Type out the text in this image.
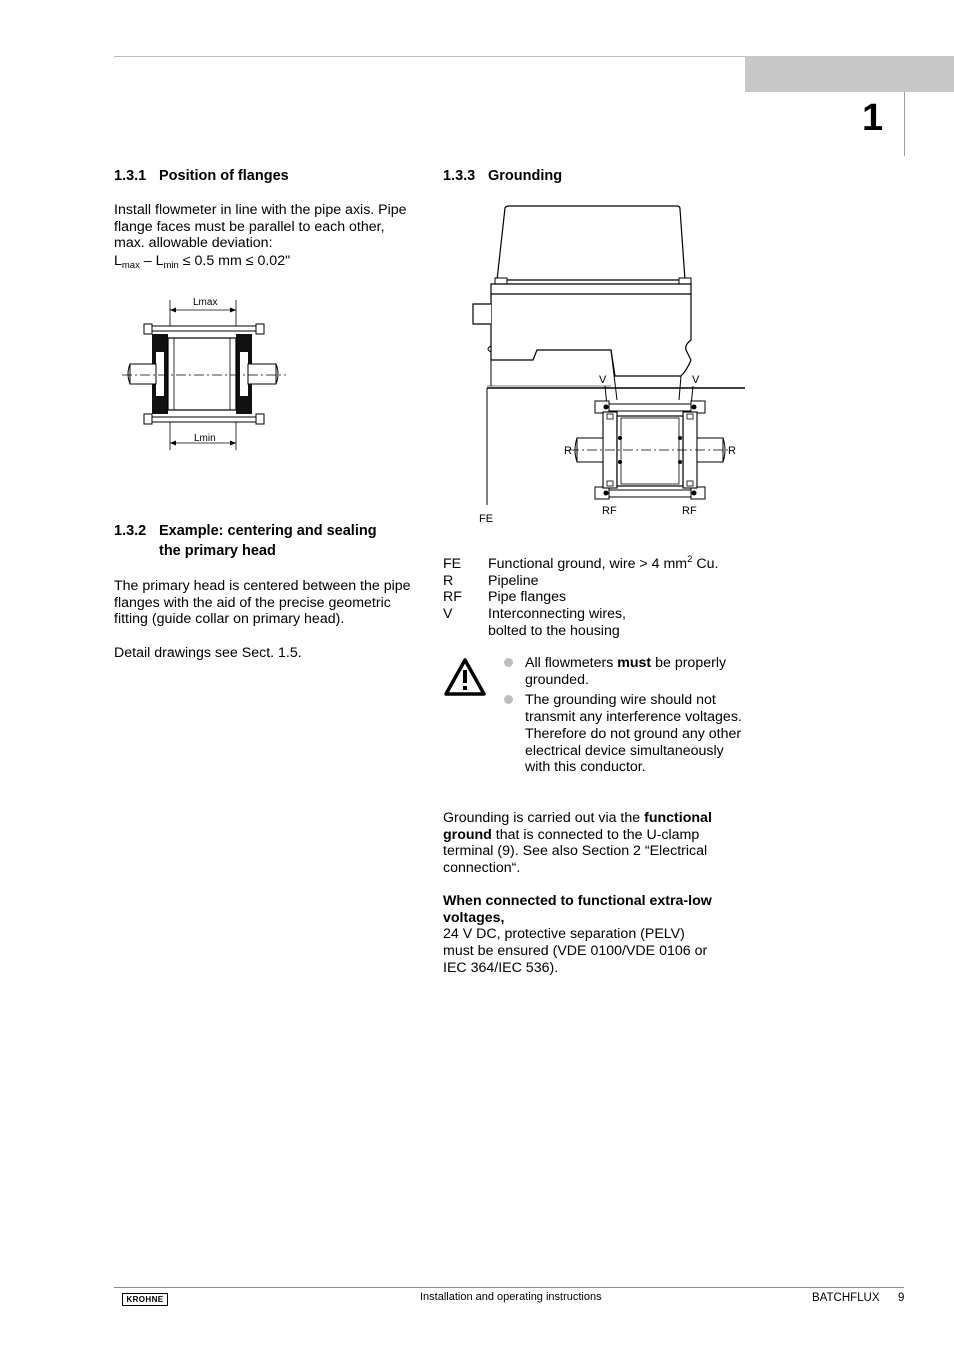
1
1.3.1 Position of flanges

Install flowmeter in line with the pipe axis. Pipe flange faces must be parallel to each other, max. allowable deviation:

$L_{max} - L_{min} \le 0.5$ mm ≤ 0.02"

Lmax
Lmin
1.3.2 Example: centering and sealing
the primary head

The primary head is centered between the pipe flanges with the aid of the precise geometric fitting (guide collar on primary head).

Detail drawings see Sect. 1.5.

1.3.3 Grounding
V	V
R	R
RF	RF
FE
FE	Functional ground, wire > 4 $mm^2$ Cu.
R	Pipeline
RF	Pipe flanges
V	Interconnecting wires,
bolted to the housing
All flowmeters must be properly grounded.
The grounding wire should not transmit any interference voltages. Therefore do not ground any other electrical device simultaneously with this conductor.

Grounding is carried out via the functional ground that is connected to the U-clamp terminal (9). See also Section 2 “Electrical connection“.

When connected to functional extra-low voltages,
24 V DC, protective separation (PELV)
must be ensured (VDE 0100/VDE 0106 or
IEC 364/IEC 536).

KROHNE	Installation and operating instructions	BATCHFLUX 9
